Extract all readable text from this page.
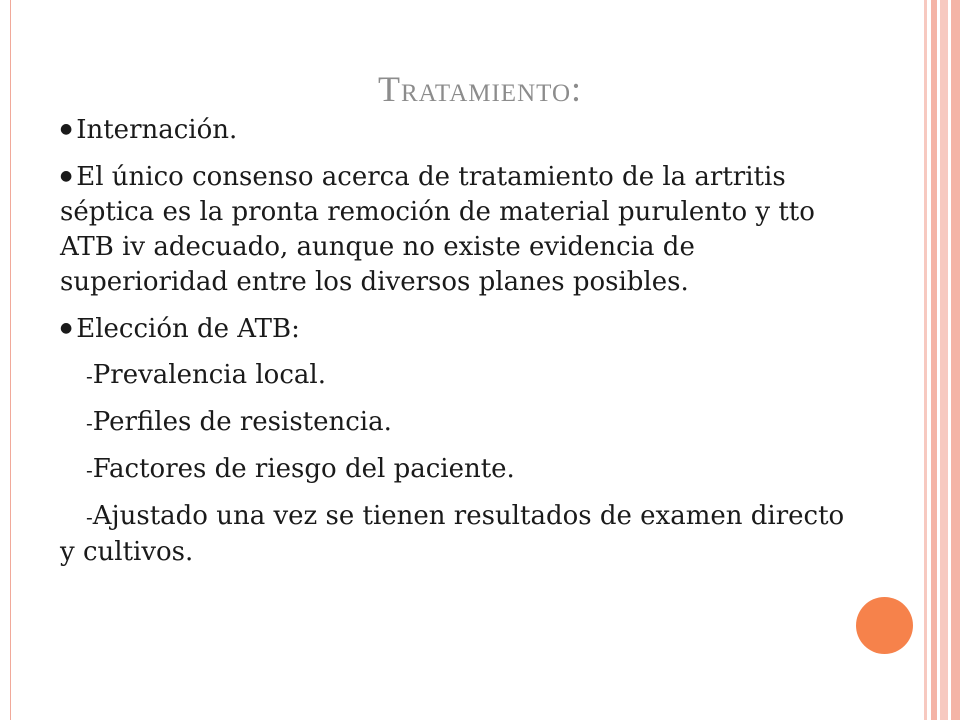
Tratamiento:

● Internación.

● El único consenso acerca de tratamiento de la artritis séptica es la pronta remoción de material purulento y tto ATB iv adecuado, aunque no existe evidencia de superioridad entre los diversos planes posibles.

● Elección de ATB:

-Prevalencia local.

-Perfiles de resistencia.

-Factores de riesgo del paciente.

-Ajustado una vez se tienen resultados de examen directo y cultivos.
